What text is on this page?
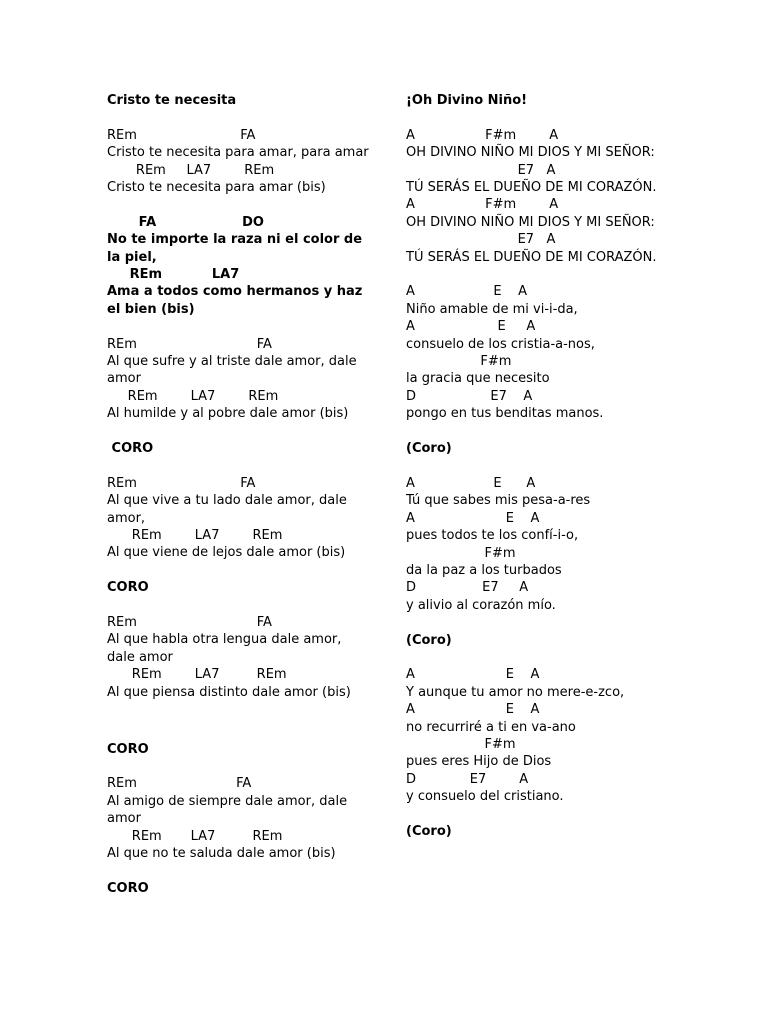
Cristo te necesita
REm                         FA
Cristo te necesita para amar, para amar
REm     LA7        REm
Cristo te necesita para amar (bis)
FA                   DO
No te importe la raza ni el color de la piel,
REm           LA7
Ama a todos como hermanos y haz el bien (bis)
REm                             FA
Al que sufre y al triste dale amor, dale amor
REm        LA7        REm
Al humilde y al pobre dale amor (bis)
CORO
REm                         FA
Al que vive a tu lado dale amor, dale amor,
REm        LA7        REm
Al que viene de lejos dale amor (bis)
CORO
REm                             FA
Al que habla otra lengua dale amor, dale amor
REm        LA7         REm
Al que piensa distinto dale amor (bis)
CORO
REm                        FA
Al amigo de siempre dale amor, dale amor
REm       LA7         REm
Al que no te saluda dale amor (bis)
CORO
¡Oh Divino Niño!
A                 F#m        A
OH DIVINO NIÑO MI DIOS Y MI SEÑOR:
E7   A
TÚ SERÁS EL DUEÑO DE MI CORAZÓN.
A                 F#m        A
OH DIVINO NIÑO MI DIOS Y MI SEÑOR:
E7   A
TÚ SERÁS EL DUEÑO DE MI CORAZÓN.
A                   E    A
Niño amable de mi vi-i-da,
A                    E     A
consuelo de los cristia-a-nos,
F#m
la gracia que necesito
D                  E7    A
pongo en tus benditas manos.
(Coro)
A                   E      A
Tú que sabes mis pesa-a-res
A                      E    A
pues todos te los confí-i-o,
F#m
da la paz a los turbados
D                E7     A
y alivio al corazón mío.
(Coro)
A                      E    A
Y aunque tu amor no mere-e-zco,
A                      E    A
no recurriré a ti en va-ano
F#m
pues eres Hijo de Dios
D             E7        A
y consuelo del cristiano.
(Coro)
